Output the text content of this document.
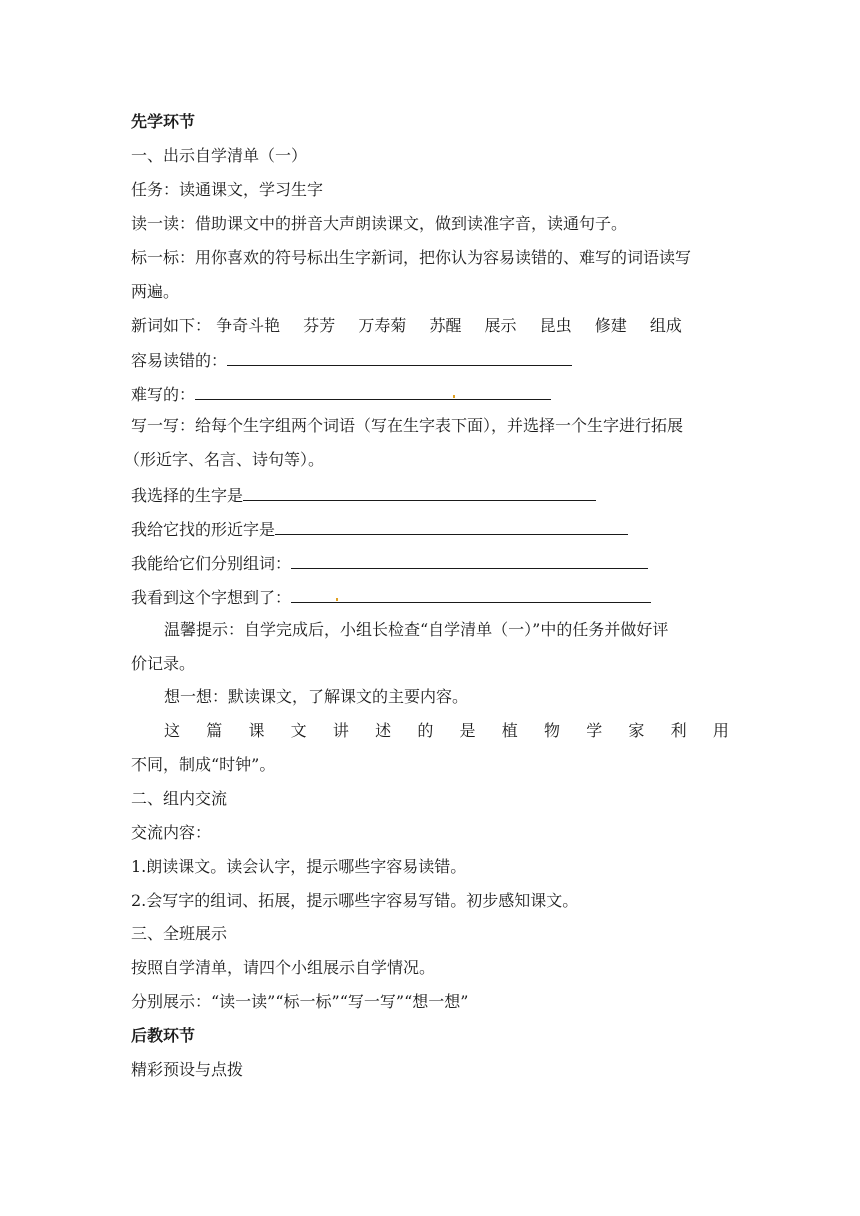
先学环节
一、出示自学清单（一）
任务：读通课文，学习生字
读一读：借助课文中的拼音大声朗读课文，做到读准字音，读通句子。
标一标：用你喜欢的符号标出生字新词，把你认为容易读错的、难写的词语读写
两遍。
新词如下： 争奇斗艳 芬芳 万寿菊 苏醒 展示 昆虫 修建 组成
容易读错的：
难写的：
写一写：给每个生字组两个词语（写在生字表下面），并选择一个生字进行拓展
（形近字、名言、诗句等）。
我选择的生字是
我给它找的形近字是
我能给它们分别组词：
我看到这个字想到了：
温馨提示：自学完成后，小组长检查“自学清单（一）”中的任务并做好评
价记录。
想一想：默读课文，了解课文的主要内容。
这 篇 课 文 讲 述 的 是 植 物 学 家 利 用
不同，制成“时钟”。
二、组内交流
交流内容：
1.朗读课文。读会认字，提示哪些字容易读错。
2.会写字的组词、拓展，提示哪些字容易写错。初步感知课文。
三、全班展示
按照自学清单，请四个小组展示自学情况。
分别展示：“读一读”“标一标”“写一写”“想一想”
后教环节
精彩预设与点拨
